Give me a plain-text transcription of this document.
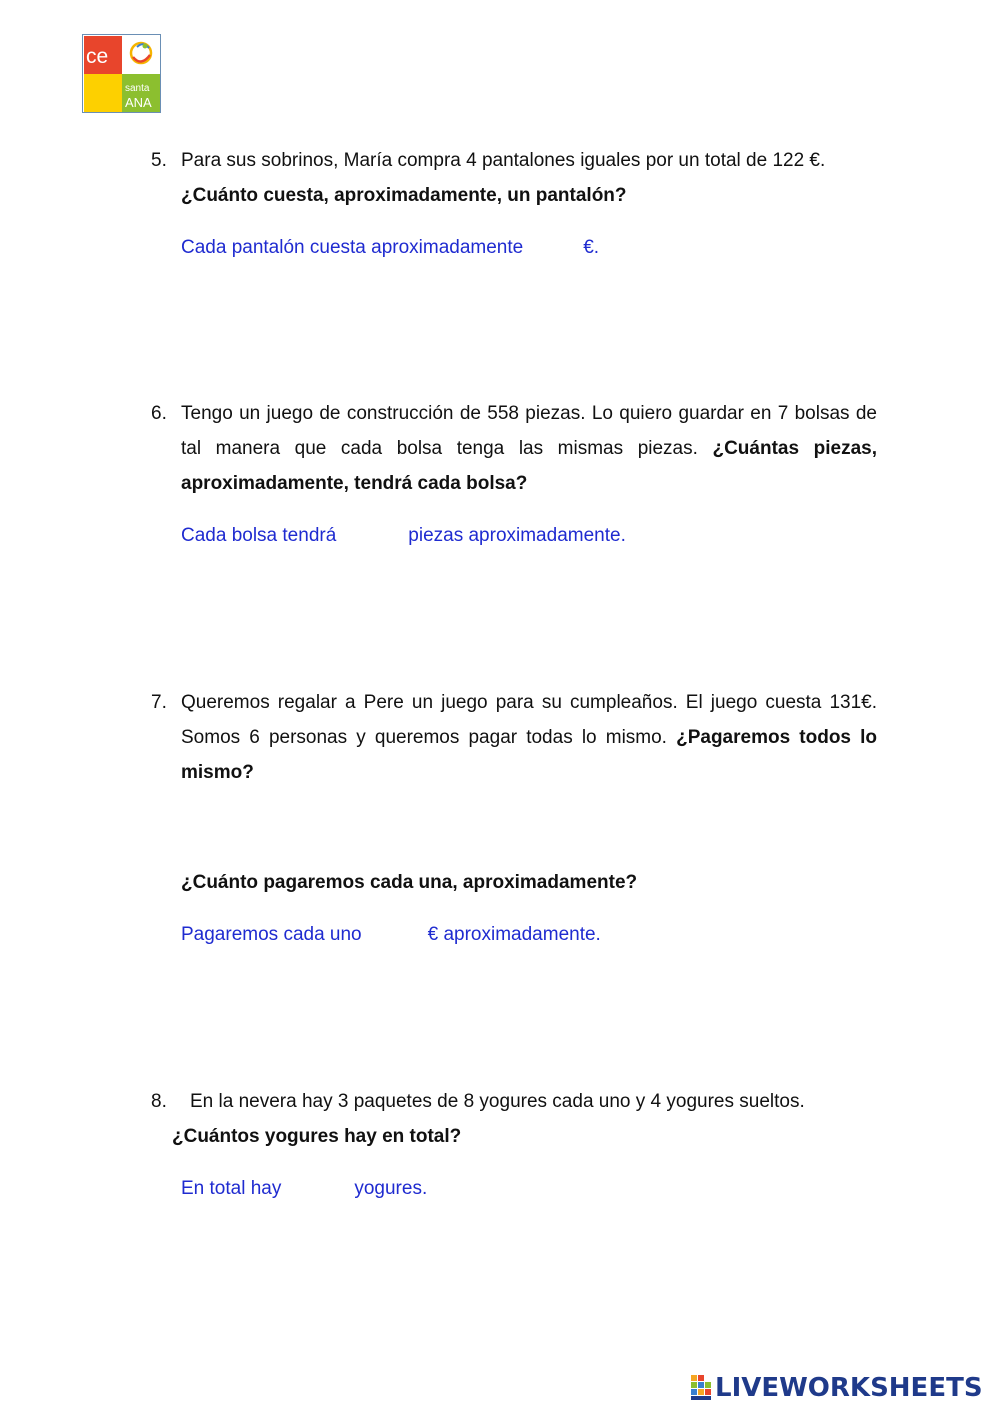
ce
santa
ANA
5. Para sus sobrinos, María compra 4 pantalones iguales por un total de 122 €.
¿Cuánto cuesta, aproximadamente, un pantalón?
Cada pantalón cuesta aproximadamente	€.
6. Tengo un juego de construcción de 558 piezas. Lo quiero guardar en 7 bolsas de tal manera que cada bolsa tenga las mismas piezas. ¿Cuántas piezas, aproximadamente, tendrá cada bolsa?
Cada bolsa tendrá	piezas aproximadamente.
7. Queremos regalar a Pere un juego para su cumpleaños. El juego cuesta 131€. Somos 6 personas y queremos pagar todas lo mismo. ¿Pagaremos todos lo mismo?
¿Cuánto pagaremos cada una, aproximadamente?
Pagaremos cada uno	€ aproximadamente.
8.	En la nevera hay 3 paquetes de 8 yogures cada uno y 4 yogures sueltos.
¿Cuántos yogures hay en total?
En total hay	yogures.
LIVEWORKSHEETS
